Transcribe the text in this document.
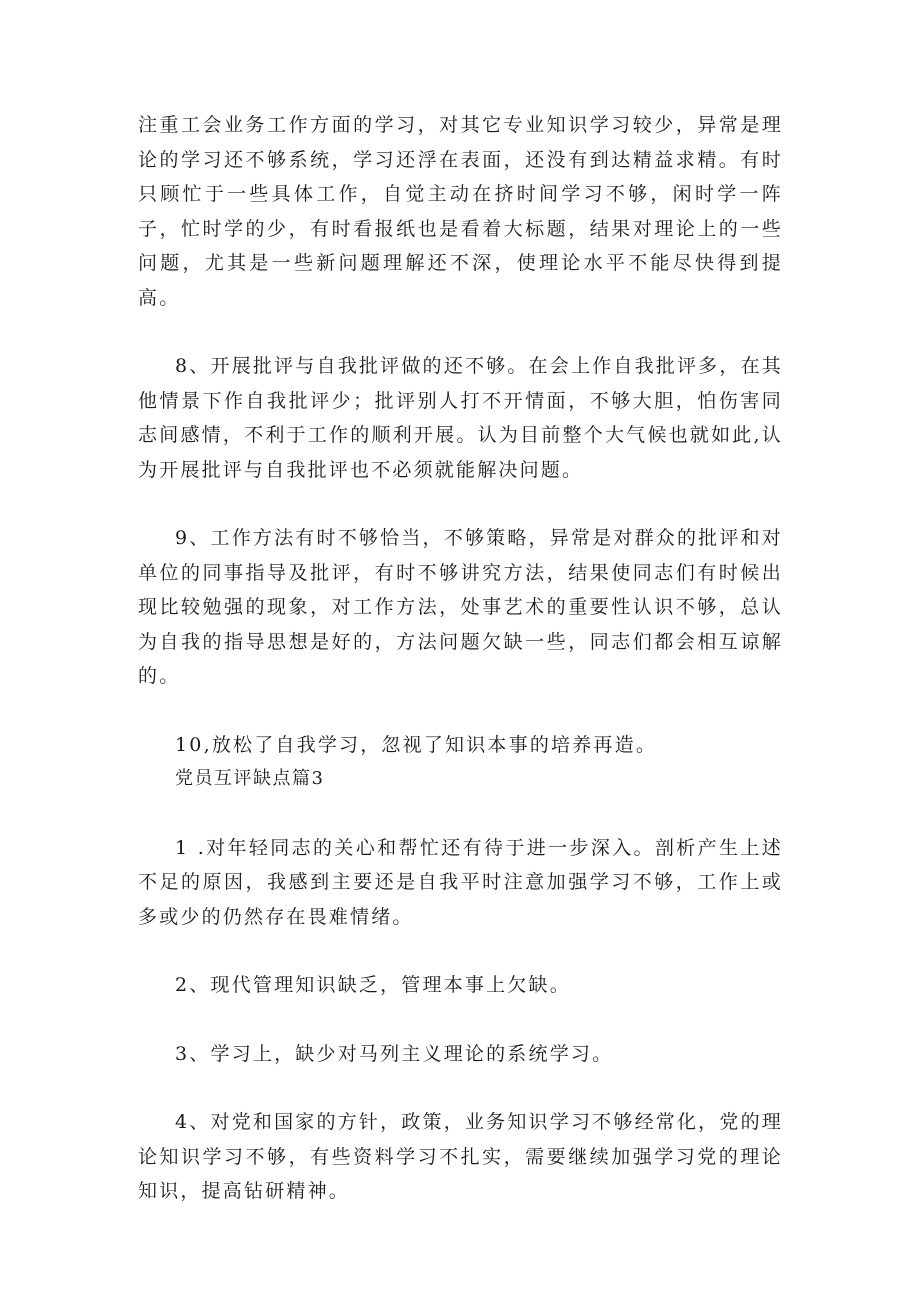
注重工会业务工作方面的学习，对其它专业知识学习较少，异常是理论的学习还不够系统，学习还浮在表面，还没有到达精益求精。有时只顾忙于一些具体工作，自觉主动在挤时间学习不够，闲时学一阵子，忙时学的少，有时看报纸也是看着大标题，结果对理论上的一些问题，尤其是一些新问题理解还不深，使理论水平不能尽快得到提高。

8、开展批评与自我批评做的还不够。在会上作自我批评多，在其他情景下作自我批评少；批评别人打不开情面，不够大胆，怕伤害同志间感情，不利于工作的顺利开展。认为目前整个大气候也就如此,认为开展批评与自我批评也不必须就能解决问题。

9、工作方法有时不够恰当，不够策略，异常是对群众的批评和对单位的同事指导及批评，有时不够讲究方法，结果使同志们有时候出现比较勉强的现象，对工作方法，处事艺术的重要性认识不够，总认为自我的指导思想是好的，方法问题欠缺一些，同志们都会相互谅解的。

10,放松了自我学习，忽视了知识本事的培养再造。

党员互评缺点篇3

1 .对年轻同志的关心和帮忙还有待于进一步深入。剖析产生上述不足的原因，我感到主要还是自我平时注意加强学习不够，工作上或多或少的仍然存在畏难情绪。

2、现代管理知识缺乏，管理本事上欠缺。

3、学习上，缺少对马列主义理论的系统学习。

4、对党和国家的方针，政策，业务知识学习不够经常化，党的理论知识学习不够，有些资料学习不扎实，需要继续加强学习党的理论知识，提高钻研精神。
